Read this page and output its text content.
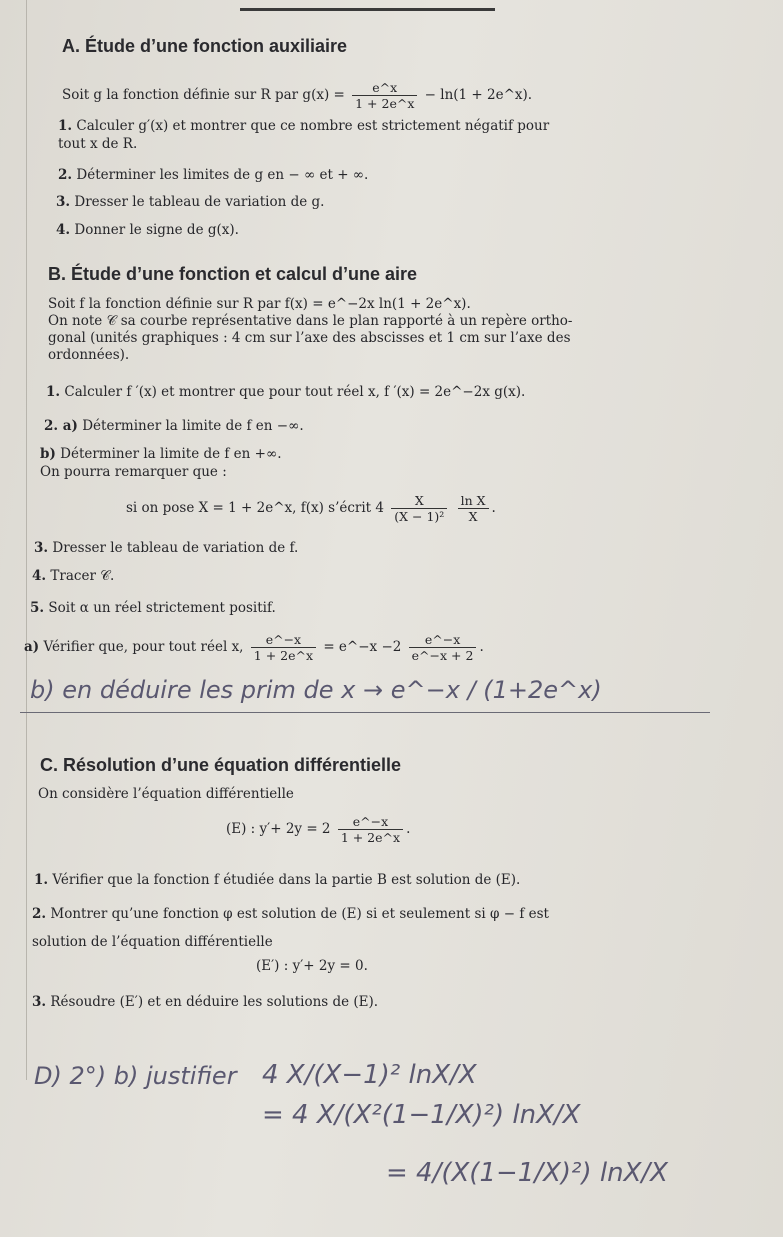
A. Étude d’une fonction auxiliaire
Soit g la fonction définie sur R par $g(x) = \frac{e\^{}x}{1 + 2e\^{}x} - \ln(1$ + 2e^x).
1. Calculer g′(x) et montrer que ce nombre est strictement négatif pour
tout x de R.
2. Déterminer les limites de g en − ∞ et + ∞.
3. Dresser le tableau de variation de g.
4. Donner le signe de g(x).
B. Étude d’une fonction et calcul d’une aire
Soit f la fonction définie sur R par f(x) = e^−2x ln(1 + 2e^x).
On note 𝒞 sa courbe représentative dans le plan rapporté à un repère ortho-
gonal (unités graphiques : 4 cm sur l’axe des abscisses et 1 cm sur l’axe des
ordonnées).
1. Calculer f ′(x) et montrer que pour tout réel x, f ′(x) = 2e^−2x g(x).
2. a) Déterminer la limite de f en −∞.
b) Déterminer la limite de f en +∞.
On pourra remarquer que :
si on pose X = 1 + 2e^x, f(x) s’écrit $4 \frac{X}{\text{(X − 1)²}}$
$\frac{\text{ln X}}{X}$ .
3. Dresser le tableau de variation de f.
4. Tracer 𝒞.
5. Soit α un réel strictement positif.
a) Vérifier que, pour tout réel x, $\frac{e\^{}-x}{1 + 2e\^{}x}$ = e^−x $-2 \frac{e\^{}-x}{e\^{}-x + 2}$ .
b) en déduire les prim de x → e^−x / (1+2e^x)
C. Résolution d’une équation différentielle
On considère l’équation différentielle
(E) : $y'+ 2y = 2 \frac{e\^{}-x}{1 + 2e\^{}x}$ .
1. Vérifier que la fonction f étudiée dans la partie B est solution de (E).
2. Montrer qu’une fonction φ est solution de (E) si et seulement si φ − f est
solution de l’équation différentielle
(E′) : y′+ 2y = 0.
3. Résoudre (E′) et en déduire les solutions de (E).
D) 2°) b) justifier 4 X/(X−1)² lnX/X
= 4 X/(X²(1−1/X)²) lnX/X
= 4/(X(1−1/X)²) lnX/X
